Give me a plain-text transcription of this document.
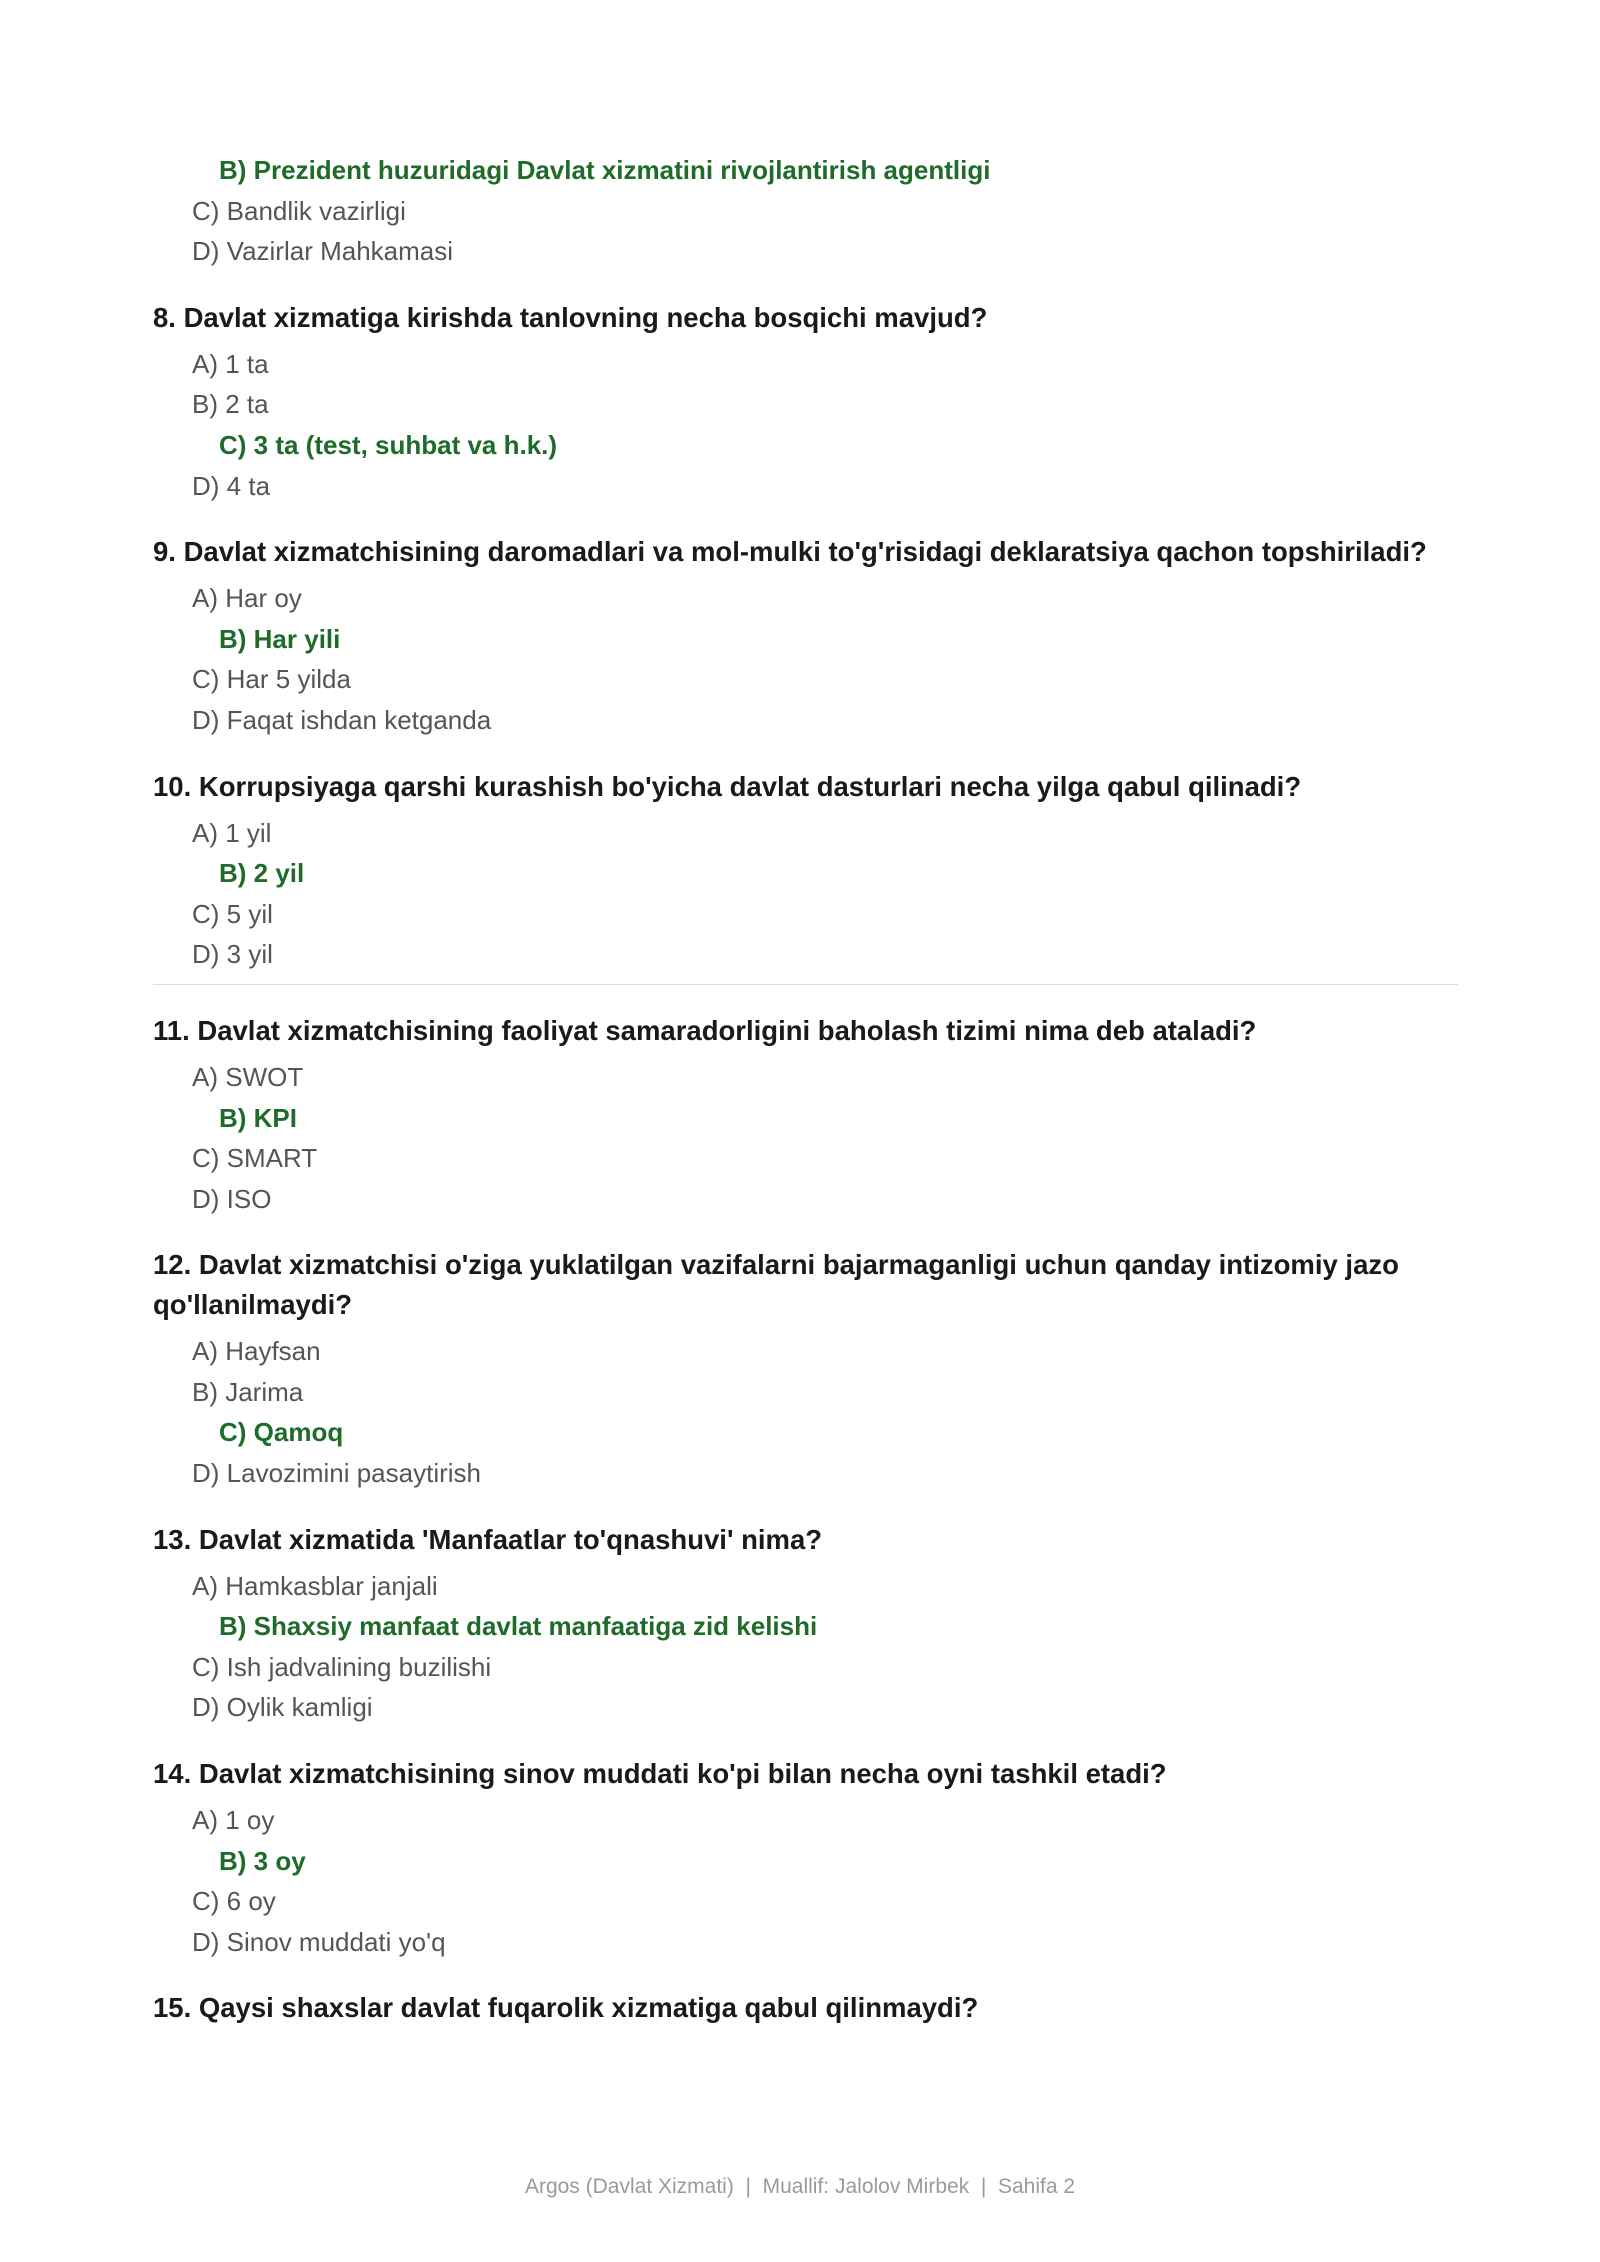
B) Prezident huzuridagi Davlat xizmatini rivojlantirish agentligi
C) Bandlik vazirligi
D) Vazirlar Mahkamasi
8. Davlat xizmatiga kirishda tanlovning necha bosqichi mavjud?
A) 1 ta
B) 2 ta
C) 3 ta (test, suhbat va h.k.)
D) 4 ta
9. Davlat xizmatchisining daromadlari va mol-mulki to'g'risidagi deklaratsiya qachon topshiriladi?
A) Har oy
B) Har yili
C) Har 5 yilda
D) Faqat ishdan ketganda
10. Korrupsiyaga qarshi kurashish bo'yicha davlat dasturlari necha yilga qabul qilinadi?
A) 1 yil
B) 2 yil
C) 5 yil
D) 3 yil
11. Davlat xizmatchisining faoliyat samaradorligini baholash tizimi nima deb ataladi?
A) SWOT
B) KPI
C) SMART
D) ISO
12. Davlat xizmatchisi o'ziga yuklatilgan vazifalarni bajarmaganligi uchun qanday intizomiy jazo qo'llanilmaydi?
A) Hayfsan
B) Jarima
C) Qamoq
D) Lavozimini pasaytirish
13. Davlat xizmatida 'Manfaatlar to'qnashuvi' nima?
A) Hamkasblar janjali
B) Shaxsiy manfaat davlat manfaatiga zid kelishi
C) Ish jadvalining buzilishi
D) Oylik kamligi
14. Davlat xizmatchisining sinov muddati ko'pi bilan necha oyni tashkil etadi?
A) 1 oy
B) 3 oy
C) 6 oy
D) Sinov muddati yo'q
15. Qaysi shaxslar davlat fuqarolik xizmatiga qabul qilinmaydi?
Argos (Davlat Xizmati)  |  Muallif: Jalolov Mirbek  |  Sahifa 2
